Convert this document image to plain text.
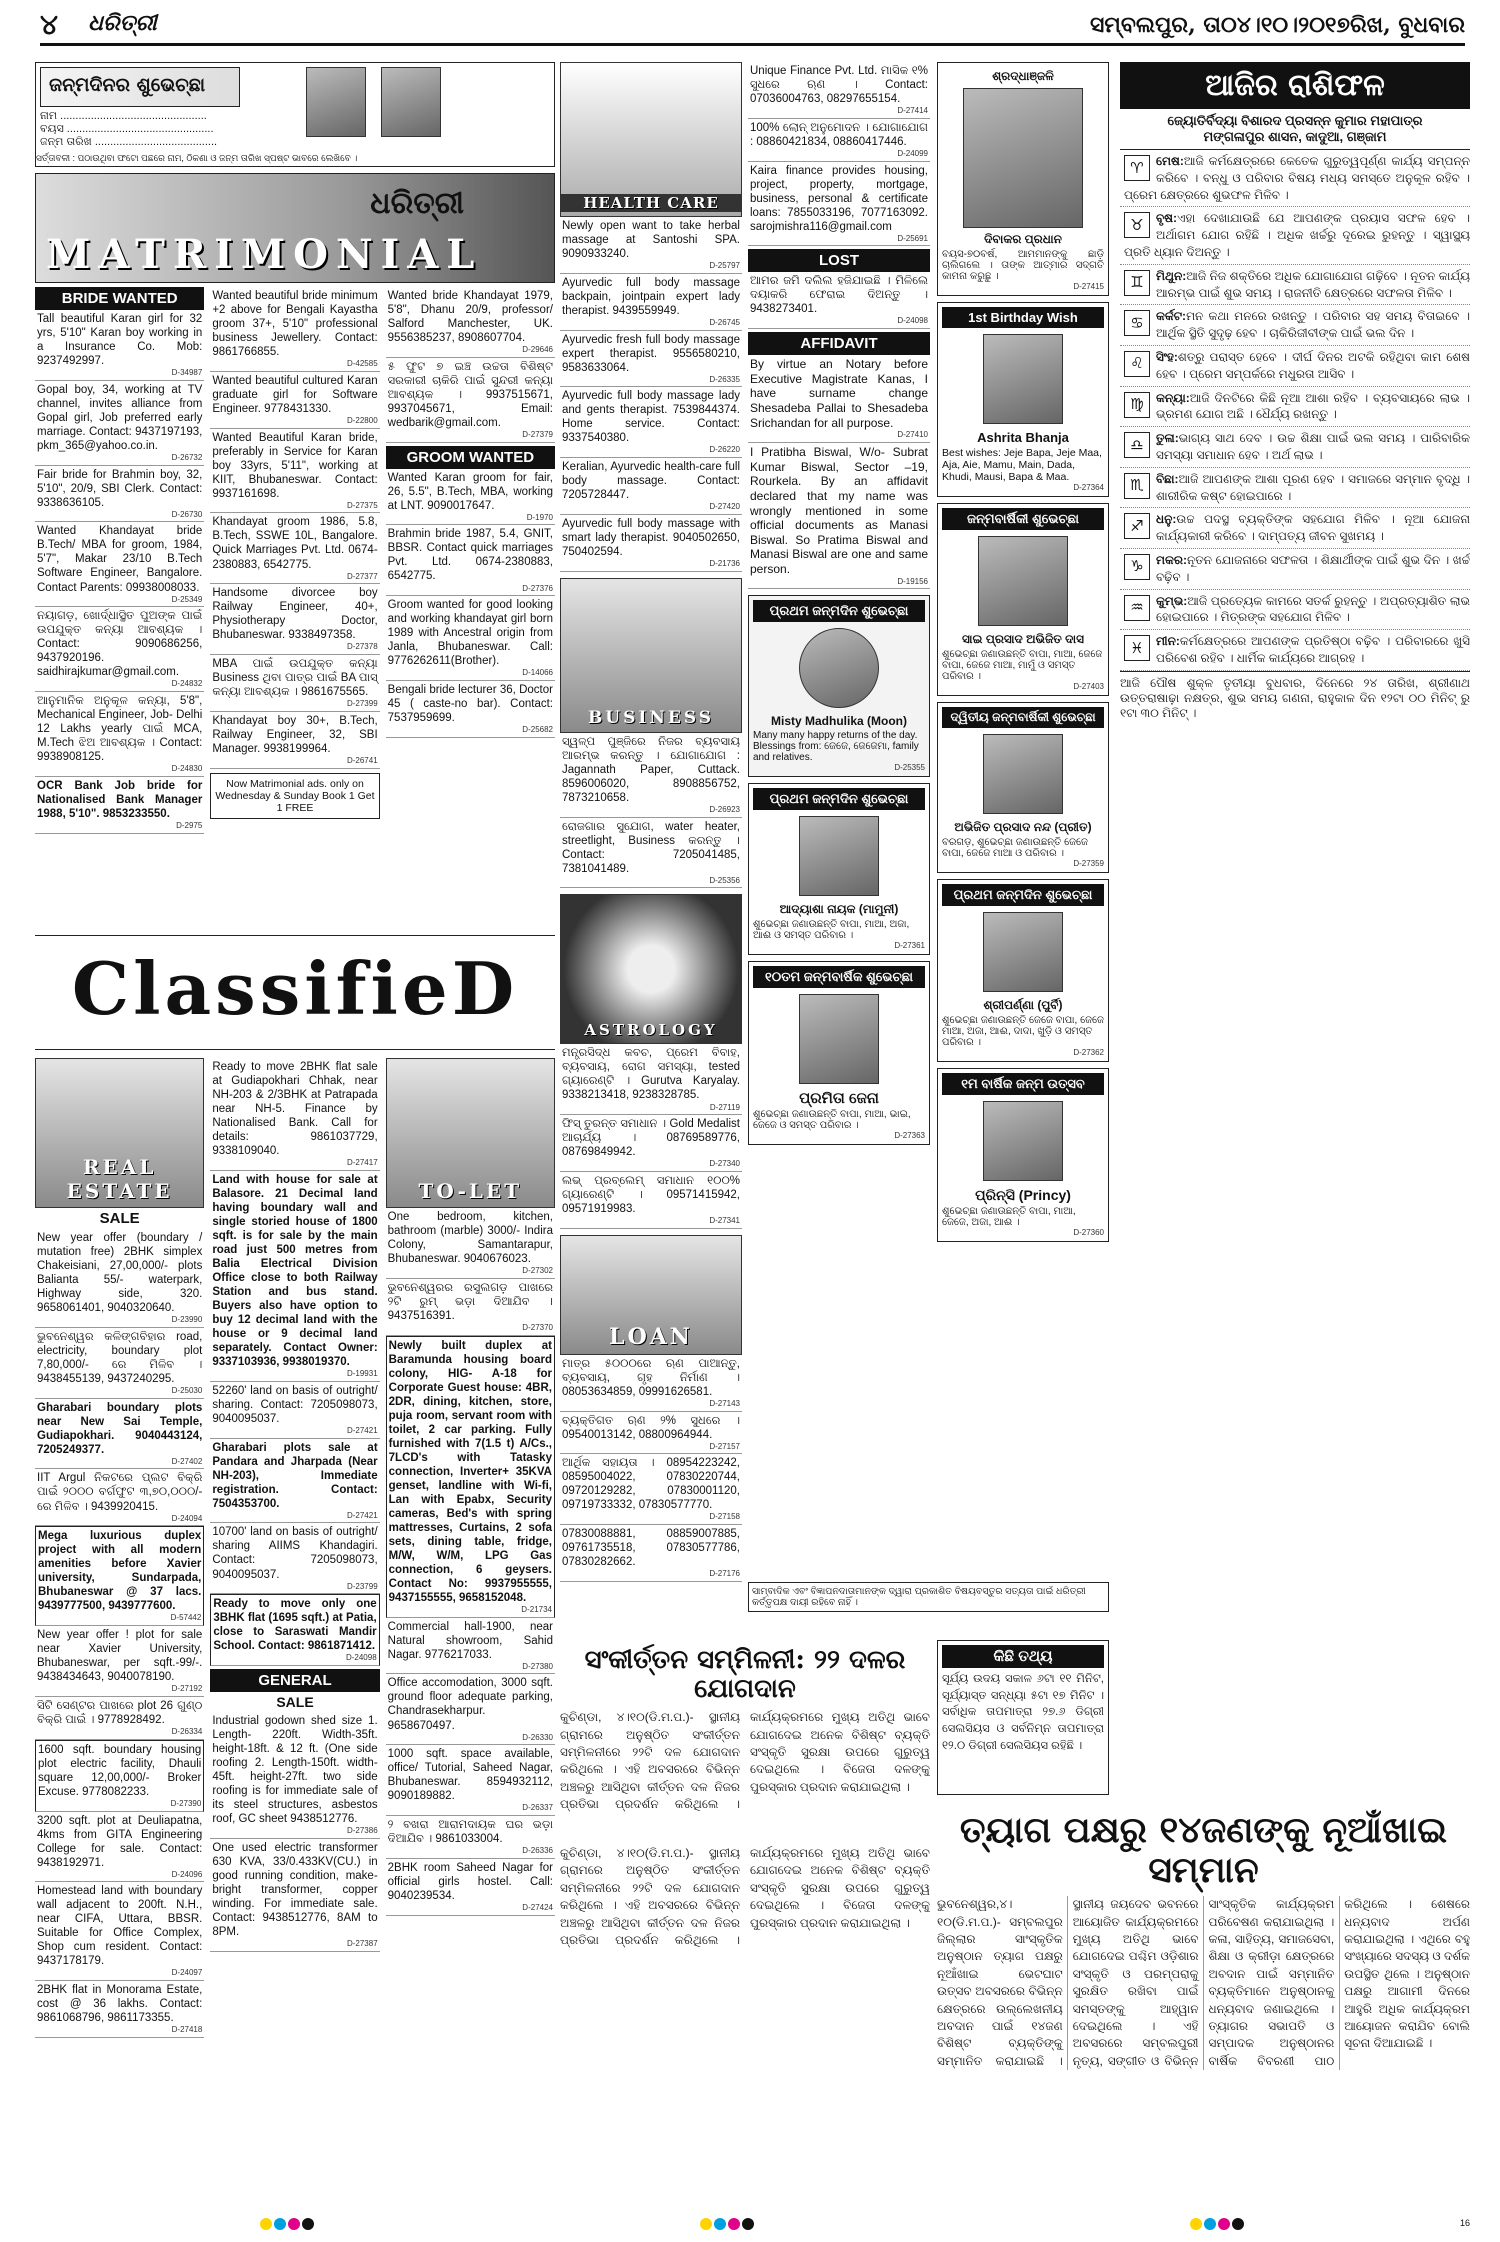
୪ ଧରିତ୍ରୀ	ସମ୍ବଲପୁର, ତା୦୪।୧୦।୨୦୧୭ରିଖ, ବୁଧବାର
ଜନ୍ମଦିନର ଶୁଭେଚ୍ଛା
ନାମ ................................................
ବୟସ ................................................
ଜନ୍ମ ତାରିଖ ........................................
ସର୍ତ୍ତାବଳୀ : ପଠାଉଥିବା ଫଟୋ ପଛରେ ନାମ, ଠିକଣା ଓ ଜନ୍ମ ତାରିଖ ସ୍ପଷ୍ଟ ଭାବରେ ଲେଖିବେ ।
ଧରିତ୍ରୀ
MATRIMONIAL
BRIDE WANTED
Tall beautiful Karan girl for 32 yrs, 5'10" Karan boy working in a Insurance Co. Mob: 9237492997.
D-34987
Gopal boy, 34, working at TV channel, invites alliance from Gopal girl, Job preferred early marriage. Contact: 9437197193, pkm_365@yahoo.co.in.
D-26732
Fair bride for Brahmin boy, 32, 5'10", 20/9, SBI Clerk. Contact: 9338636105.
D-26730
Wanted Khandayat bride B.Tech/ MBA for groom, 1984, 5'7", Makar 23/10 B.Tech Software Engineer, Bangalore. Contact Parents: 09938008033.
D-25349
ନୟାଗଡ଼, ଖୋର୍ଦ୍ଧାସ୍ଥିତ ପୁଅଙ୍କ ପାଇଁ ଉପଯୁକ୍ତ କନ୍ୟା ଆବଶ୍ୟକ । Contact: 9090686256, 9437920196. saidhirajkumar@gmail.com.
D-24832
ଆନୁମାନିକ ଅନୁକୂଳ କନ୍ୟା, 5'8", Mechanical Engineer, Job- Delhi 12 Lakhs yearly ପାଇଁ MCA, M.Tech ଝିଅ ଆବଶ୍ୟକ । Contact: 9938908125.
D-24830
OCR Bank Job bride for Nationalised Bank Manager 1988, 5'10". 9853233550.
D-2975
Wanted beautiful bride minimum +2 above for Bengali Kayastha groom 37+, 5'10" professional business Jewellery. Contact: 9861766855.
D-42585
Wanted beautiful cultured Karan graduate girl for Software Engineer. 9778431330.
D-22800
Wanted Beautiful Karan bride, preferably in Service for Karan boy 33yrs, 5'11", working at KIIT, Bhubaneswar. Contact: 9937161698.
D-27375
Khandayat groom 1986, 5.8, B.Tech, SSWE 10L, Bangalore. Quick Marriages Pvt. Ltd. 0674-2380883, 6542775.
D-27377
Handsome divorcee boy Railway Engineer, 40+, Physiotherapy Doctor, Bhubaneswar. 9338497358.
D-27378
MBA ପାଇଁ ଉପଯୁକ୍ତ କନ୍ୟା Business ଥିବା ପାତ୍ର ପାଇଁ BA ପାସ୍ କନ୍ୟା ଆବଶ୍ୟକ । 9861675565.
D-27399
Khandayat boy 30+, B.Tech, Railway Engineer, 32, SBI Manager. 9938199964.
D-26741
Now Matrimonial ads. only on Wednesday & Sunday Book 1 Get 1 FREE
Wanted bride Khandayat 1979, 5'8", Dhanu 20/9, professor/ Salford Manchester, UK. 9556385237, 8908607704.
D-29646
୫ ଫୁଟ ୭ ଇଞ୍ଚ ଉଚ୍ଚତା ବିଶିଷ୍ଟ ସରକାରୀ ଚାକିରି ପାଇଁ ସୁନ୍ଦରୀ କନ୍ୟା ଆବଶ୍ୟକ । 9937515671, 9937045671, Email: wedbarik@gmail.com.
D-27379
GROOM WANTED
Wanted Karan groom for fair, 26, 5.5", B.Tech, MBA, working at LNT. 9090017647.
D-1970
Brahmin bride 1987, 5.4, GNIT, BBSR. Contact quick marriages Pvt. Ltd. 0674-2380883, 6542775.
D-27376
Groom wanted for good looking and working khandayat girl born 1989 with Ancestral origin from Janla, Bhubaneswar. Call: 9776262611(Brother).
D-14066
Bengali bride lecturer 36, Doctor 45 ( caste-no bar). Contact: 7537959699.
D-25682
ClassifieD
REAL ESTATE
SALE
New year offer (boundary / mutation free) 2BHK simplex Chakeisiani, 27,00,000/- plots Balianta 55/- waterpark, Highway side, 320. 9658061401, 9040320640.
D-23990
ଭୁବନେଶ୍ୱର କଳିଙ୍ଗବିହାର road, electricity, boundary plot 7,80,000/- ରେ ମିଳିବ । 9438455139, 9437240295.
D-25030
Gharabari boundary plots near New Sai Temple, Gudiapokhari. 9040443124, 7205249377.
D-27402
IIT Argul ନିକଟରେ ପ୍ଲଟ ବିକ୍ରି ପାଇଁ ୨୦୦୦ ବର୍ଗଫୁଟ ୩,୭୦,୦୦୦/- ରେ ମିଳିବ । 9439920415.
D-24094
Mega luxurious duplex project with all modern amenities before Xavier university, Sundarpada, Bhubaneswar @ 37 lacs. 9439777500, 9439777600.
D-57442
New year offer ! plot for sale near Xavier University, Bhubaneswar, per sqft.-99/-. 9438434643, 9040078190.
D-27192
ସିଟି ସେଣ୍ଟର ପାଖରେ plot 26 ଗୁଣ୍ଠ ବିକ୍ରି ପାଇଁ । 9778928492.
D-26334
1600 sqft. boundary housing plot electric facility, Dhauli square 12,00,000/- Broker Excuse. 9778082233.
D-27390
3200 sqft. plot at Deuliapatna, 4kms from GITA Engineering College for sale. Contact: 9438192971.
D-24096
Homestead land with boundary wall adjacent to 200ft. N.H., near CIFA, Uttara, BBSR. Suitable for Office Complex, Shop cum resident. Contact: 9437178179.
D-24097
2BHK flat in Monorama Estate, cost @ 36 lakhs. Contact: 9861068796, 9861173355.
D-27418
Ready to move 2BHK flat sale at Gudiapokhari Chhak, near NH-203 & 2/3BHK at Patrapada near NH-5. Finance by Nationalised Bank. Call for details: 9861037729, 9338109040.
D-27417
Land with house for sale at Balasore. 21 Decimal land having boundary wall and single storied house of 1800 sqft. is for sale by the main road just 500 metres from Balia Electrical Division Office close to both Railway Station and bus stand. Buyers also have option to buy 12 decimal land with the house or 9 decimal land separately. Contact Owner: 9337103936, 9938019370.
D-19931
52260' land on basis of outright/ sharing. Contact: 7205098073, 9040095037.
D-27421
Gharabari plots sale at Pandara and Jharpada (Near NH-203), Immediate registration. Contact: 7504353700.
D-27421
10700' land on basis of outright/ sharing AIIMS Khandagiri. Contact: 7205098073, 9040095037.
D-23799
Ready to move only one 3BHK flat (1695 sqft.) at Patia, close to Saraswati Mandir School. Contact: 9861871412.
D-24098
GENERAL
SALE
Industrial godown shed size 1. Length- 220ft. Width-35ft. height-18ft. & 12 ft. (One side roofing 2. Length-150ft. width-45ft. height-27ft. two side roofing is for immediate sale of its steel structures, asbestos roof, GC sheet 9438512776.
D-27386
One used electric transformer 630 KVA, 33/0.433KV(CU.) in good running condition, make-bright transformer, copper winding. For immediate sale. Contact: 9438512776, 8AM to 8PM.
D-27387
TO-LET
One bedroom, kitchen, bathroom (marble) 3000/- Indira Colony, Samantarapur, Bhubaneswar. 9040676023.
D-27302
ଭୁବନେଶ୍ୱରର ରସୁଲଗଡ଼ ପାଖରେ ୨ଟି ରୁମ୍ ଭଡ଼ା ଦିଆଯିବ । 9437516391.
D-27370
Newly built duplex at Baramunda housing board colony, HIG- A-18 for Corporate Guest house: 4BR, 2DR, dining, kitchen, store, puja room, servant room with toilet, 2 car parking. Fully furnished with 7(1.5 t) A/Cs., 7LCD's with Tatasky connection, Inverter+ 35KVA genset, landline with Wi-fi, Lan with Epabx, Security cameras, Bed's with spring mattresses, Curtains, 2 sofa sets, dining table, fridge, M/W, W/M, LPG Gas connection, 6 geysers. Contact No: 9937955555, 9437155555, 9658152048.
D-21734
Commercial hall-1900, near Natural showroom, Sahid Nagar. 9776217033.
D-27380
Office accomodation, 3000 sqft. ground floor adequate parking, Chandrasekharpur. 9658670497.
D-26330
1000 sqft. space available, office/ Tutorial, Saheed Nagar, Bhubaneswar. 8594932112, 9090189882.
D-26337
୨ ବଖରା ଆରାମଦାୟକ ଘର ଭଡ଼ା ଦିଆଯିବ । 9861033004.
D-26336
2BHK room Saheed Nagar for official girls hostel. Call: 9040239534.
D-27424
HEALTH CARE
Newly open want to take herbal massage at Santoshi SPA. 9090933240.
D-25797
Ayurvedic full body massage backpain, jointpain expert lady therapist. 9439559949.
D-26745
Ayurvedic fresh full body massage expert therapist. 9556580210, 9583633064.
D-26335
Ayurvedic full body massage lady and gents therapist. 7539844374. Home service. Contact: 9337540380.
D-26220
Keralian, Ayurvedic health-care full body massage. Contact: 7205728447.
D-27420
Ayurvedic full body massage with smart lady therapist. 9040502650, 750402594.
D-21736
BUSINESS
ସ୍ୱଳ୍ପ ପୁଞ୍ଜିରେ ନିଜର ବ୍ୟବସାୟ ଆରମ୍ଭ କରନ୍ତୁ । ଯୋଗାଯୋଗ : Jagannath Paper, Cuttack. 8596006020, 8908856752, 7873210658.
D-26923
ରୋଜଗାର ସୁଯୋଗ, water heater, streetlight, Business କରନ୍ତୁ । Contact: 7205041485, 7381041489.
D-25356
ASTROLOGY
ମନ୍ତ୍ରସିଦ୍ଧ କବଚ, ପ୍ରେମ ବିବାହ, ବ୍ୟବସାୟ, ରୋଗ ସମସ୍ୟା, tested ଗ୍ୟାରେଣ୍ଟି । Gurutva Karyalay. 9338213418, 9238328785.
D-27119
ଫିସ୍ ତୁରନ୍ତ ସମାଧାନ । Gold Medalist ଆଚାର୍ଯ୍ୟ । 08769589776, 08769849942.
D-27340
ଲଭ୍ ପ୍ରବ୍ଲେମ୍ ସମାଧାନ ୧୦୦% ଗ୍ୟାରେଣ୍ଟି । 09571415942, 09571919983.
D-27341
LOAN
ମାତ୍ର ୫୦୦୦ରେ ଋଣ ପାଆନ୍ତୁ, ବ୍ୟବସାୟ, ଗୃହ ନିର୍ମାଣ । 08053634859, 09991626581.
D-27143
ବ୍ୟକ୍ତିଗତ ଋଣ ୨% ସୁଧରେ । 09540013142, 08800964944.
D-27157
ଆର୍ଥିକ ସହାୟତା । 08954223242, 08595004022, 07830220744, 09720129282, 07830001120, 09719733332, 07830577770.
D-27158
07830088881, 08859007885, 09761735518, 07830577786, 07830282662.
D-27176
Unique Finance Pvt. Ltd. ମାସିକ ୧% ସୁଧରେ ଋଣ । Contact: 07036004763, 08297655154.
D-27414
100% ଲୋନ୍ ଅନୁମୋଦନ । ଯୋଗାଯୋଗ : 08860421834, 08860417446.
D-24099
Kaira finance provides housing, project, property, mortgage, business, personal & certificate loans: 7855033196, 7077163092. sarojmishra116@gmail.com
D-25691
LOST
ଆମର ଜମି ଦଲିଲ ହଜିଯାଇଛି । ମିଳିଲେ ଦୟାକରି ଫେରାଇ ଦିଅନ୍ତୁ । 9438273401.
D-24098
AFFIDAVIT
By virtue an Notary before Executive Magistrate Kanas, I have surname change Shesadeba Pallai to Shesadeba Srichandan for all purpose.
D-27410
I Pratibha Biswal, W/o- Subrat Kumar Biswal, Sector –19, Rourkela. By an affidavit declared that my name was wrongly mentioned in some official documents as Manasi Biswal. So Pratima Biswal and Manasi Biswal are one and same person.
D-19156
ପ୍ରଥମ ଜନ୍ମଦିନ ଶୁଭେଚ୍ଛା
Misty Madhulika (Moon)
Many many happy returns of the day. Blessings from: ଜେଜେ, ଜେଜେମା, family and relatives.
D-25355
ପ୍ରଥମ ଜନ୍ମଦିନ ଶୁଭେଚ୍ଛା
ଆଦ୍ୟାଶା ନାୟକ (ମାମୁନୀ)
ଶୁଭେଚ୍ଛା ଜଣାଉଛନ୍ତି ବାପା, ମାଆ, ଅଜା, ଆଈ ଓ ସମସ୍ତ ପରିବାର ।
D-27361
୧୦ତମ ଜନ୍ମବାର୍ଷିକ ଶୁଭେଚ୍ଛା
ପ୍ରମିତା ଜେନା
ଶୁଭେଚ୍ଛା ଜଣାଉଛନ୍ତି ବାପା, ମାଆ, ଭାଇ, ଜେଜେ ଓ ସମସ୍ତ ପରିବାର ।
D-27363
ଶ୍ରଦ୍ଧାଞ୍ଜଳି
ଦିବାକର ପ୍ରଧାନ
ବୟସ-୭୦ବର୍ଷ, ଆମମାନଙ୍କୁ ଛାଡ଼ି ଚାଲିଗଲେ । ତାଙ୍କ ଆତ୍ମାର ସଦ୍ଗତି କାମନା କରୁଛୁ ।
D-27415
1st Birthday Wish
Ashrita Bhanja
Best wishes: Jeje Bapa, Jeje Maa, Aja, Aie, Mamu, Main, Dada, Khudi, Mausi, Bapa & Maa.
D-27364
ଜନ୍ମବାର୍ଷିକୀ ଶୁଭେଚ୍ଛା
ସାଇ ପ୍ରସାଦ ଅଭିଜିତ ଦାସ
ଶୁଭେଚ୍ଛା ଜଣାଉଛନ୍ତି ବାପା, ମାଆ, ଜେଜେ ବାପା, ଜେଜେ ମାଆ, ମାମୁଁ ଓ ସମସ୍ତ ପରିବାର ।
D-27403
ଦ୍ୱିତୀୟ ଜନ୍ମବାର୍ଷିକୀ ଶୁଭେଚ୍ଛା
ଅଭିଜିତ ପ୍ରସାଦ ନନ୍ଦ (ପ୍ରୀତ)
ବରଗଡ଼, ଶୁଭେଚ୍ଛା ଜଣାଉଛନ୍ତି ଜେଜେ ବାପା, ଜେଜେ ମାଆ ଓ ପରିବାର ।
D-27359
ପ୍ରଥମ ଜନ୍ମଦିନ ଶୁଭେଚ୍ଛା
ଶ୍ରୀପର୍ଣ୍ଣା (ପୁର୍ବି)
ଶୁଭେଚ୍ଛା ଜଣାଉଛନ୍ତି ଜେଜେ ବାପା, ଜେଜେ ମାଆ, ଅଜା, ଆଈ, ଦାଦା, ଖୁଡ଼ି ଓ ସମସ୍ତ ପରିବାର ।
D-27362
୧ମ ବାର୍ଷିକ ଜନ୍ମ ଉତ୍ସବ
ପ୍ରିନ୍ସି (Princy)
ଶୁଭେଚ୍ଛା ଜଣାଉଛନ୍ତି ବାପା, ମାଆ, ଜେଜେ, ଅଜା, ଆଈ ।
D-27360
ସାମ୍ବାଦିକ ଏବଂ ବିଜ୍ଞାପନଦାତାମାନଙ୍କ ଦ୍ୱାରା ପ୍ରକାଶିତ ବିଷୟବସ୍ତୁର ସତ୍ୟତା ପାଇଁ ଧରିତ୍ରୀ କର୍ତ୍ତୃପକ୍ଷ ଦାୟୀ ରହିବେ ନାହିଁ ।
ଆଜିର ରାଶିଫଳ
ଜ୍ୟୋତିର୍ବିଦ୍ୟା ବିଶାରଦ ପ୍ରସନ୍ନ କୁମାର ମହାପାତ୍ର
ମଙ୍ଗଳାପୁର ଶାସନ, କାଦୁଆ, ଗଞ୍ଜାମ
♈	ମେଷ:ଆଜି କର୍ମକ୍ଷେତ୍ରରେ କେତେକ ଗୁରୁତ୍ୱପୂର୍ଣ୍ଣ କାର୍ଯ୍ୟ ସମ୍ପନ୍ନ କରିବେ । ବନ୍ଧୁ ଓ ପରିବାର ବିଷୟ ମଧ୍ୟ ସମସ୍ତେ ଅନୁକୂଳ ରହିବ । ପ୍ରେମ କ୍ଷେତ୍ରରେ ଶୁଭଫଳ ମିଳିବ ।
♉	ବୃଷ:ଏହା ଦେଖାଯାଉଛି ଯେ ଆପଣଙ୍କ ପ୍ରୟାସ ସଫଳ ହେବ । ଅର୍ଥାଗମ ଯୋଗ ରହିଛି । ଅଧିକ ଖର୍ଚ୍ଚରୁ ଦୂରେଇ ରୁହନ୍ତୁ । ସ୍ୱାସ୍ଥ୍ୟ ପ୍ରତି ଧ୍ୟାନ ଦିଅନ୍ତୁ ।
♊	ମିଥୁନ:ଆଜି ନିଜ ଶକ୍ତିରେ ଅଧିକ ଯୋଗାଯୋଗ ଗଢ଼ିବେ । ନୂତନ କାର୍ଯ୍ୟ ଆରମ୍ଭ ପାଇଁ ଶୁଭ ସମୟ । ରାଜନୀତି କ୍ଷେତ୍ରରେ ସଫଳତା ମିଳିବ ।
♋	କର୍କଟ:ମନ କଥା ମନରେ ରଖନ୍ତୁ । ପରିବାର ସହ ସମୟ ବିତାଇବେ । ଆର୍ଥିକ ସ୍ଥିତି ସୁଦୃଢ଼ ହେବ । ଚାକିରିଜୀବୀଙ୍କ ପାଇଁ ଭଲ ଦିନ ।
♌	ସିଂହ:ଶତ୍ରୁ ପରାସ୍ତ ହେବେ । ଦୀର୍ଘ ଦିନର ଅଟକି ରହିଥିବା କାମ ଶେଷ ହେବ । ପ୍ରେମ ସମ୍ପର୍କରେ ମଧୁରତା ଆସିବ ।
♍	କନ୍ୟା:ଆଜି ଦିନଟିରେ କିଛି ନୂଆ ଆଶା ରହିବ । ବ୍ୟବସାୟରେ ଲାଭ । ଭ୍ରମଣ ଯୋଗ ଅଛି । ଧୈର୍ଯ୍ୟ ରଖନ୍ତୁ ।
♎	ତୁଳା:ଭାଗ୍ୟ ସାଥ ଦେବ । ଉଚ୍ଚ ଶିକ୍ଷା ପାଇଁ ଭଲ ସମୟ । ପାରିବାରିକ ସମସ୍ୟା ସମାଧାନ ହେବ । ଅର୍ଥ ଲାଭ ।
♏	ବିଛା:ଆଜି ଆପଣଙ୍କ ଆଶା ପୂରଣ ହେବ । ସମାଜରେ ସମ୍ମାନ ବୃଦ୍ଧି । ଶାରୀରିକ କଷ୍ଟ ହୋଇପାରେ ।
♐	ଧନୁ:ଉଚ୍ଚ ପଦସ୍ଥ ବ୍ୟକ୍ତିଙ୍କ ସହଯୋଗ ମିଳିବ । ନୂଆ ଯୋଜନା କାର୍ଯ୍ୟକାରୀ କରିବେ । ଦାମ୍ପତ୍ୟ ଜୀବନ ସୁଖମୟ ।
♑	ମକର:ନୂତନ ଯୋଜନାରେ ସଫଳତା । ଶିକ୍ଷାର୍ଥୀଙ୍କ ପାଇଁ ଶୁଭ ଦିନ । ଖର୍ଚ୍ଚ ବଢ଼ିବ ।
♒	କୁମ୍ଭ:ଆଜି ପ୍ରତ୍ୟେକ କାମରେ ସତର୍କ ରୁହନ୍ତୁ । ଅପ୍ରତ୍ୟାଶିତ ଲାଭ ହୋଇପାରେ । ମିତ୍ରଙ୍କ ସହଯୋଗ ମିଳିବ ।
♓	ମୀନ:କର୍ମକ୍ଷେତ୍ରରେ ଆପଣଙ୍କ ପ୍ରତିଷ୍ଠା ବଢ଼ିବ । ପରିବାରରେ ଖୁସି ପରିବେଶ ରହିବ । ଧାର୍ମିକ କାର୍ଯ୍ୟରେ ଆଗ୍ରହ ।
ଆଜି ପୌଷ ଶୁକ୍ଳ ତୃତୀୟା ବୁଧବାର, ଦିନେରେ ୨୪ ତାରିଖ, ଶ୍ରୀଣାଥ ଉତ୍ତରାଷାଢ଼ା ନକ୍ଷତ୍ର, ଶୁଭ ସମୟ ଗଣନା, ରାହୁକାଳ ଦିନ ୧୨ଟା ୦୦ ମିନିଟ୍ ରୁ ୧ଟା ୩୦ ମିନିଟ୍ ।
ସଂକୀର୍ତ୍ତନ ସମ୍ମିଳନୀ: ୨୨ ଦଳର ଯୋଗଦାନ
କୁଚିଣ୍ଡା, ୪।୧୦(ଡି.ମ.ପ.)- ସ୍ଥାନୀୟ ଗ୍ରାମରେ ଅନୁଷ୍ଠିତ ସଂକୀର୍ତ୍ତନ ସମ୍ମିଳନୀରେ ୨୨ଟି ଦଳ ଯୋଗଦାନ କରିଥିଲେ । ଏହି ଅବସରରେ ବିଭିନ୍ନ ଅଞ୍ଚଳରୁ ଆସିଥିବା କୀର୍ତ୍ତନ ଦଳ ନିଜର ପ୍ରତିଭା ପ୍ରଦର୍ଶନ କରିଥିଲେ । କାର୍ଯ୍ୟକ୍ରମରେ ମୁଖ୍ୟ ଅତିଥି ଭାବେ ଯୋଗଦେଇ ଅନେକ ବିଶିଷ୍ଟ ବ୍ୟକ୍ତି ସଂସ୍କୃତି ସୁରକ୍ଷା ଉପରେ ଗୁରୁତ୍ୱ ଦେଇଥିଲେ । ବିଜେତା ଦଳଙ୍କୁ ପୁରସ୍କାର ପ୍ରଦାନ କରାଯାଇଥିଲା ।
କିଛି ତଥ୍ୟ
ସୂର୍ଯ୍ୟ ଉଦୟ ସକାଳ ୬ଟା ୧୧ ମିନିଟ, ସୂର୍ଯ୍ୟାସ୍ତ ସନ୍ଧ୍ୟା ୫ଟା ୧୭ ମିନିଟ । ସର୍ବାଧିକ ତାପମାତ୍ରା ୨୭.୬ ଡିଗ୍ରୀ ସେଲସିୟସ ଓ ସର୍ବନିମ୍ନ ତାପମାତ୍ରା ୧୨.୦ ଡିଗ୍ରୀ ସେଲସିୟସ ରହିଛି ।
ତ୍ୟାଗ ପକ୍ଷରୁ ୧୪ଜଣଙ୍କୁ ନୂଆଁଖାଇ ସମ୍ମାନ
ଭୁବନେଶ୍ୱର,୪।୧୦(ଡି.ମ.ପ.)- ସମ୍ବଲପୁର ଜିଲ୍ଲାର ସାଂସ୍କୃତିକ ଅନୁଷ୍ଠାନ ତ୍ୟାଗ ପକ୍ଷରୁ ନୂଆଁଖାଇ ଭେଟଘାଟ ଉତ୍ସବ ଅବସରରେ ବିଭିନ୍ନ କ୍ଷେତ୍ରରେ ଉଲ୍ଲେଖନୀୟ ଅବଦାନ ପାଇଁ ୧୪ଜଣ ବିଶିଷ୍ଟ ବ୍ୟକ୍ତିଙ୍କୁ ସମ୍ମାନିତ କରାଯାଇଛି । ସ୍ଥାନୀୟ ଜୟଦେବ ଭବନରେ ଆୟୋଜିତ କାର୍ଯ୍ୟକ୍ରମରେ ମୁଖ୍ୟ ଅତିଥି ଭାବେ ଯୋଗଦେଇ ପଶ୍ଚିମ ଓଡ଼ିଶାର ସଂସ୍କୃତି ଓ ପରମ୍ପରାକୁ ସୁରକ୍ଷିତ ରଖିବା ପାଇଁ ସମସ୍ତଙ୍କୁ ଆହ୍ୱାନ ଦେଇଥିଲେ । ଏହି ଅବସରରେ ସମ୍ବଲପୁରୀ ନୃତ୍ୟ, ସଙ୍ଗୀତ ଓ ବିଭିନ୍ନ ସାଂସ୍କୃତିକ କାର୍ଯ୍ୟକ୍ରମ ପରିବେଷଣ କରାଯାଇଥିଲା । କଳା, ସାହିତ୍ୟ, ସମାଜସେବା, ଶିକ୍ଷା ଓ କ୍ରୀଡ଼ା କ୍ଷେତ୍ରରେ ଅବଦାନ ପାଇଁ ସମ୍ମାନିତ ବ୍ୟକ୍ତିମାନେ ଅନୁଷ୍ଠାନକୁ ଧନ୍ୟବାଦ ଜଣାଇଥିଲେ । ତ୍ୟାଗର ସଭାପତି ଓ ସମ୍ପାଦକ ଅନୁଷ୍ଠାନର ବାର୍ଷିକ ବିବରଣୀ ପାଠ କରିଥିଲେ । ଶେଷରେ ଧନ୍ୟବାଦ ଅର୍ପଣ କରାଯାଇଥିଲା । ଏଥିରେ ବହୁ ସଂଖ୍ୟାରେ ସଦସ୍ୟ ଓ ଦର୍ଶକ ଉପସ୍ଥିତ ଥିଲେ । ଅନୁଷ୍ଠାନ ପକ୍ଷରୁ ଆଗାମୀ ଦିନରେ ଆହୁରି ଅଧିକ କାର୍ଯ୍ୟକ୍ରମ ଆୟୋଜନ କରାଯିବ ବୋଲି ସୂଚନା ଦିଆଯାଇଛି ।
କୁଚିଣ୍ଡା, ୪।୧୦(ଡି.ମ.ପ.)- ସ୍ଥାନୀୟ ଗ୍ରାମରେ ଅନୁଷ୍ଠିତ ସଂକୀର୍ତ୍ତନ ସମ୍ମିଳନୀରେ ୨୨ଟି ଦଳ ଯୋଗଦାନ କରିଥିଲେ । ଏହି ଅବସରରେ ବିଭିନ୍ନ ଅଞ୍ଚଳରୁ ଆସିଥିବା କୀର୍ତ୍ତନ ଦଳ ନିଜର ପ୍ରତିଭା ପ୍ରଦର୍ଶନ କରିଥିଲେ । କାର୍ଯ୍ୟକ୍ରମରେ ମୁଖ୍ୟ ଅତିଥି ଭାବେ ଯୋଗଦେଇ ଅନେକ ବିଶିଷ୍ଟ ବ୍ୟକ୍ତି ସଂସ୍କୃତି ସୁରକ୍ଷା ଉପରେ ଗୁରୁତ୍ୱ ଦେଇଥିଲେ । ବିଜେତା ଦଳଙ୍କୁ ପୁରସ୍କାର ପ୍ରଦାନ କରାଯାଇଥିଲା ।
16
